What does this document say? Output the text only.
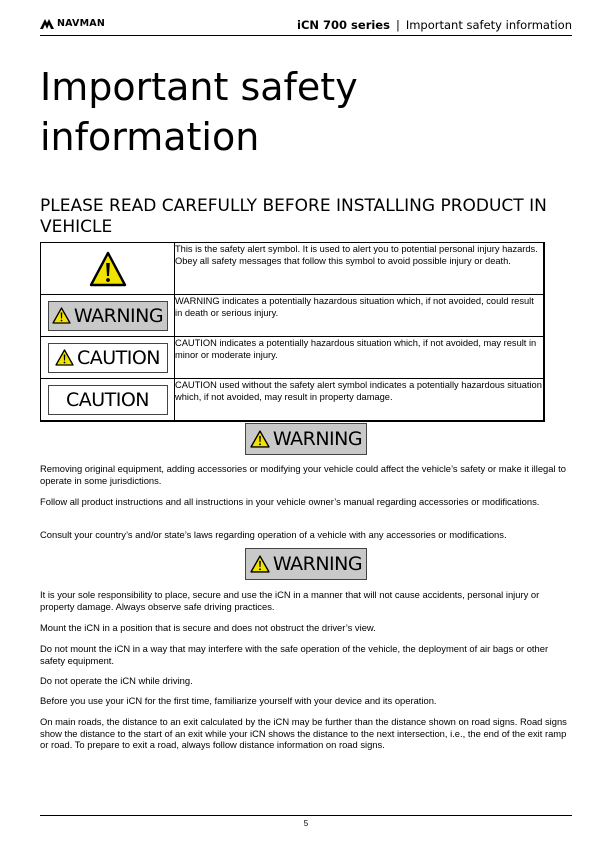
NAVMAN	iCN 700 series | Important safety information
Important safety information
PLEASE READ CAREFULLY BEFORE INSTALLING PRODUCT IN VEHICLE
	This is the safety alert symbol. It is used to alert you to potential personal injury hazards. Obey all safety messages that follow this symbol to avoid possible injury or death.

WARNING	WARNING indicates a potentially hazardous situation which, if not avoided, could result in death or serious injury.

CAUTION	CAUTION indicates a potentially hazardous situation which, if not avoided, may result in minor or moderate injury.

CAUTION	CAUTION used without the safety alert symbol indicates a potentially hazardous situation which, if not avoided, may result in property damage.
WARNING

Removing original equipment, adding accessories or modifying your vehicle could affect the vehicle’s safety or make it illegal to operate in some jurisdictions.

Follow all product instructions and all instructions in your vehicle owner’s manual regarding accessories or modifications.

Consult your country’s and/or state’s laws regarding operation of a vehicle with any accessories or modifications.

WARNING

It is your sole responsibility to place, secure and use the iCN in a manner that will not cause accidents, personal injury or property damage. Always observe safe driving practices.

Mount the iCN in a position that is secure and does not obstruct the driver’s view.

Do not mount the iCN in a way that may interfere with the safe operation of the vehicle, the deployment of air bags or other safety equipment.

Do not operate the iCN while driving.

Before you use your iCN for the first time, familiarize yourself with your device and its operation.

On main roads, the distance to an exit calculated by the iCN may be further than the distance shown on road signs. Road signs show the distance to the start of an exit while your iCN shows the distance to the next intersection, i.e., the end of the exit ramp or road. To prepare to exit a road, always follow distance information on road signs.

5
